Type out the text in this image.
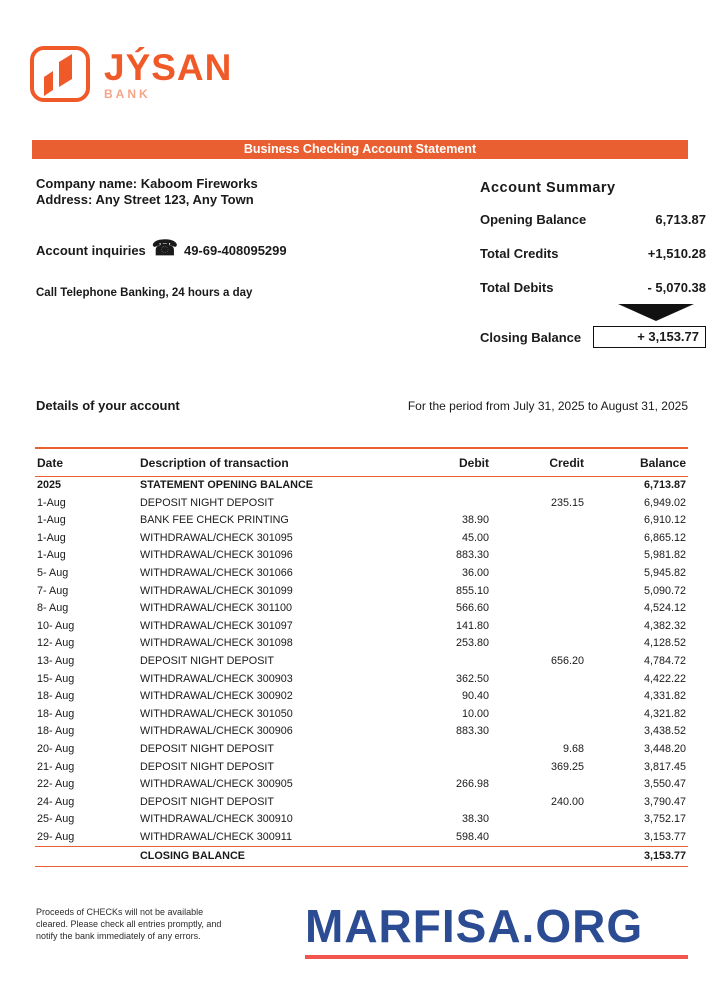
JÝSAN
BANK
Business Checking Account Statement
Company name: Kaboom Fireworks
Address: Any Street 123, Any Town
Account inquiries ☎ 49-69-408095299
Call Telephone Banking, 24 hours a day
Account Summary
Opening Balance	6,713.87
Total Credits	+1,510.28
Total Debits	- 5,070.38
Closing Balance	+ 3,153.77
Details of your account	For the period from July 31, 2025 to August 31, 2025
Date	Description of transaction	Debit	Credit	Balance
2025	STATEMENT OPENING BALANCE			6,713.87
1-Aug	DEPOSIT NIGHT DEPOSIT		235.15	6,949.02
1-Aug	BANK FEE CHECK PRINTING	38.90		6,910.12
1-Aug	WITHDRAWAL/CHECK 301095	45.00		6,865.12
1-Aug	WITHDRAWAL/CHECK 301096	883.30		5,981.82
5- Aug	WITHDRAWAL/CHECK 301066	36.00		5,945.82
7- Aug	WITHDRAWAL/CHECK 301099	855.10		5,090.72
8- Aug	WITHDRAWAL/CHECK 301100	566.60		4,524.12
10- Aug	WITHDRAWAL/CHECK 301097	141.80		4,382.32
12- Aug	WITHDRAWAL/CHECK 301098	253.80		4,128.52
13- Aug	DEPOSIT NIGHT DEPOSIT		656.20	4,784.72
15- Aug	WITHDRAWAL/CHECK 300903	362.50		4,422.22
18- Aug	WITHDRAWAL/CHECK 300902	90.40		4,331.82
18- Aug	WITHDRAWAL/CHECK 301050	10.00		4,321.82
18- Aug	WITHDRAWAL/CHECK 300906	883.30		3,438.52
20- Aug	DEPOSIT NIGHT DEPOSIT		9.68	3,448.20
21- Aug	DEPOSIT NIGHT DEPOSIT		369.25	3,817.45
22- Aug	WITHDRAWAL/CHECK 300905	266.98		3,550.47
24- Aug	DEPOSIT NIGHT DEPOSIT		240.00	3,790.47
25- Aug	WITHDRAWAL/CHECK 300910	38.30		3,752.17
29- Aug	WITHDRAWAL/CHECK 300911	598.40		3,153.77
	CLOSING BALANCE			3,153.77
Proceeds of CHECKs will not be available
cleared. Please check all entries promptly, and
notify the bank immediately of any errors.	MARFISA.ORG
